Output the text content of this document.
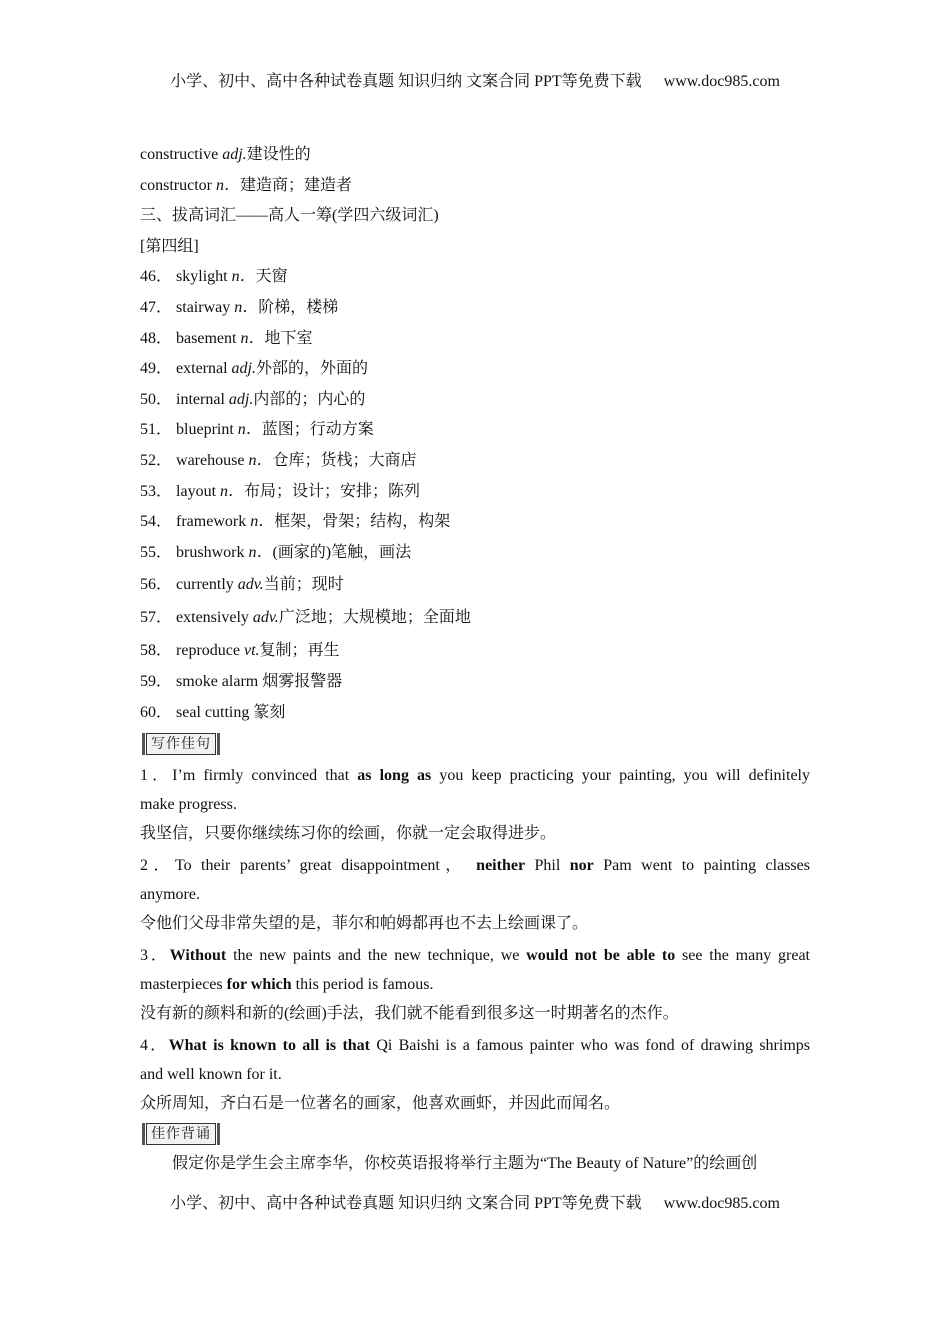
小学、初中、高中各种试卷真题 知识归纳 文案合同 PPT等免费下载 www.doc985.com
constructive adj.建设性的
constructor n．建造商；建造者
三、拔高词汇——高人一筹(学四六级词汇)
[第四组]
46． skylight n．天窗
47． stairway n．阶梯，楼梯
48． basement n．地下室
49． external adj.外部的，外面的
50． internal adj.内部的；内心的
51． blueprint n．蓝图；行动方案
52． warehouse n．仓库；货栈；大商店
53． layout n．布局；设计；安排；陈列
54． framework n．框架，骨架；结构，构架
55． brushwork n．(画家的)笔触，画法
56． currently adv.当前；现时
57． extensively adv.广泛地；大规模地；全面地
58． reproduce vt.复制；再生
59． smoke alarm 烟雾报警器
60． seal cutting 篆刻
写作佳句
1．I’m firmly convinced that as long as you keep practicing your painting, you will definitely
make progress.
我坚信，只要你继续练习你的绘画，你就一定会取得进步。
2．To their parents’ great disappointment， neither Phil nor Pam went to painting classes
anymore.
令他们父母非常失望的是，菲尔和帕姆都再也不去上绘画课了。
3．Without the new paints and the new technique, we would not be able to see the many great
masterpieces for which this period is famous.
没有新的颜料和新的(绘画)手法，我们就不能看到很多这一时期著名的杰作。
4．What is known to all is that Qi Baishi is a famous painter who was fond of drawing shrimps
and well known for it.
众所周知，齐白石是一位著名的画家，他喜欢画虾，并因此而闻名。
佳作背诵
假定你是学生会主席李华，你校英语报将举行主题为“The Beauty of Nature”的绘画创
小学、初中、高中各种试卷真题 知识归纳 文案合同 PPT等免费下载 www.doc985.com
